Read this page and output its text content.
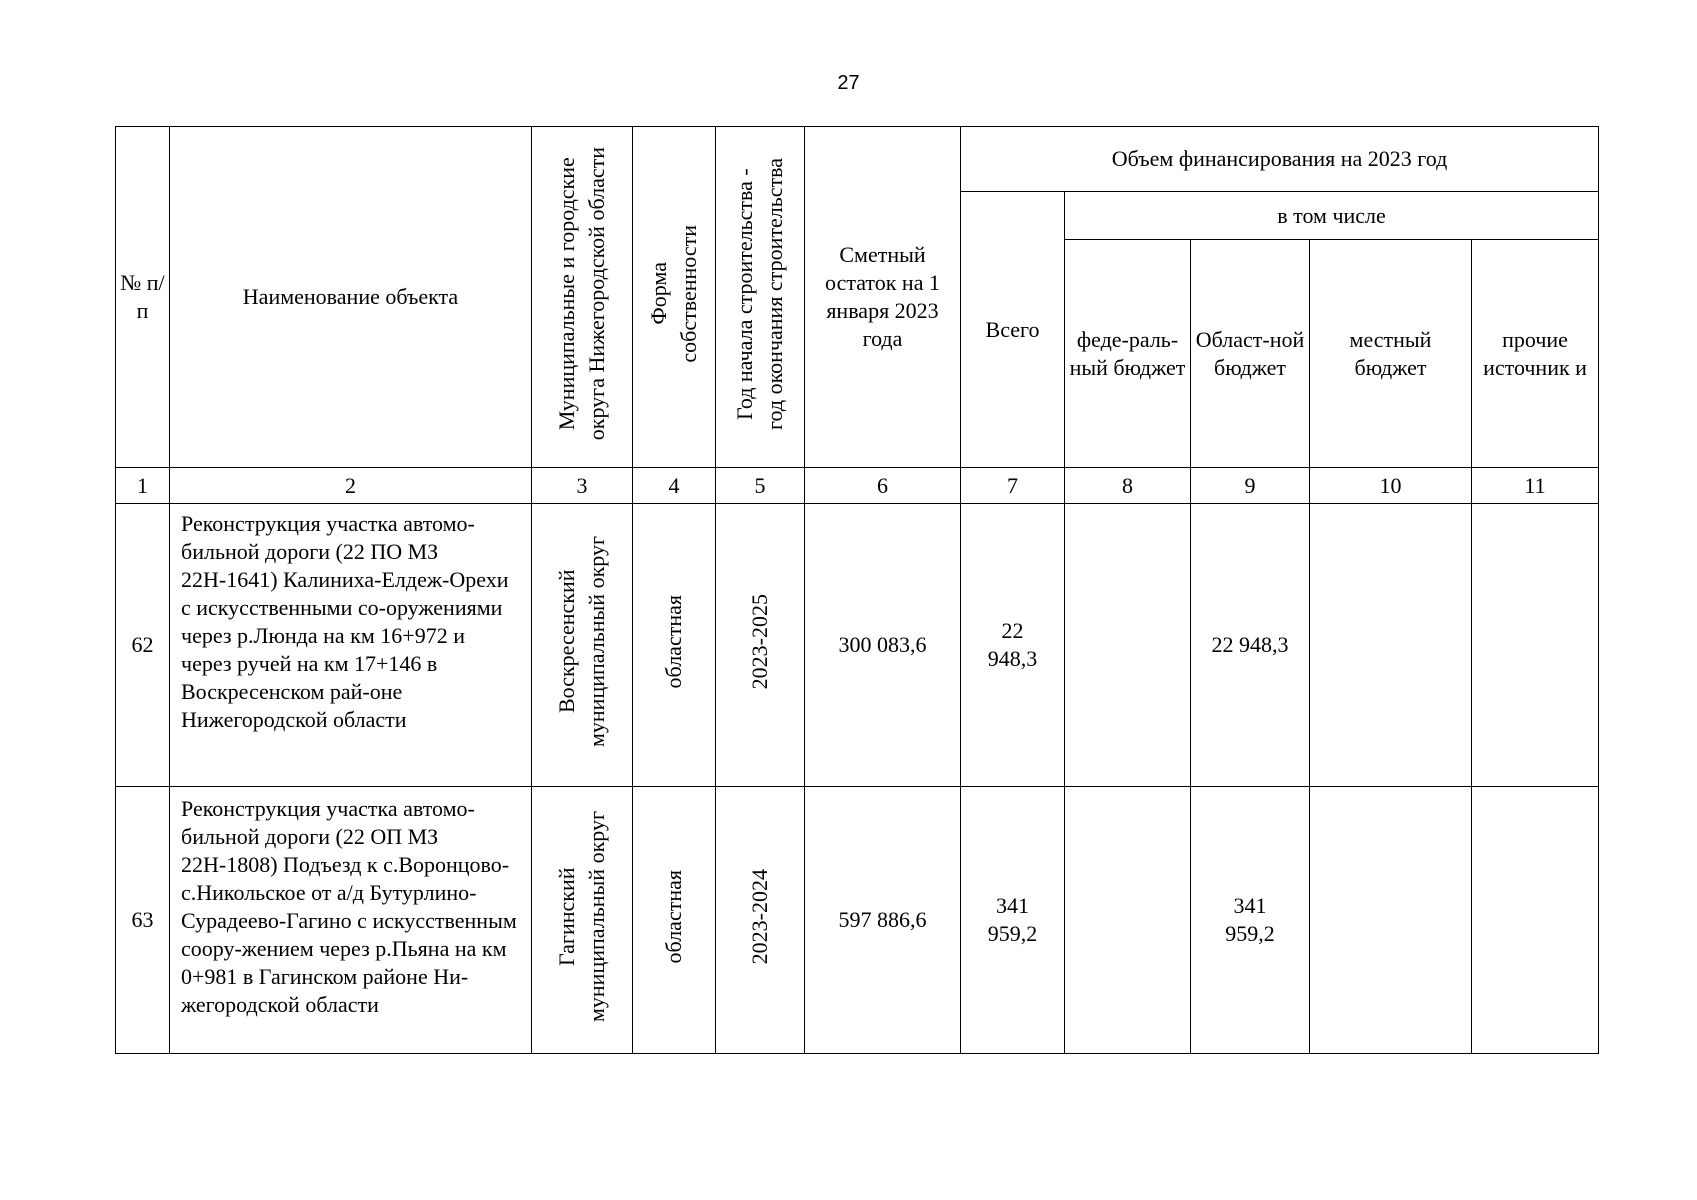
27
№ п/п	Наименование объекта	Муниципальные и городские округа Нижегородской области	Форма собственности	Год начала строительства - год окончания строительства	Сметный остаток на 1 января 2023 года	Объем финансирования на 2023 год				
						Всего	в том числе			
							феде-раль-ный бюджет	Област-ной бюджет	местный бюджет	прочие источник и
1	2	3	4	5	6	7	8	9	10	11
62	Реконструкция участка автомо-бильной дороги (22 ПО МЗ 22Н-1641) Калиниха-Елдеж-Орехи с искусственными со-оружениями через р.Люнда на км 16+972 и через ручей на км 17+146 в Воскресенском рай-оне Нижегородской области	Воскресенский муниципальный округ	областная	2023-2025	300 083,6	22 948,3		22 948,3		
63	Реконструкция участка автомо-бильной дороги (22 ОП МЗ 22Н-1808) Подъезд к с.Воронцово-с.Никольское от а/д Бутурлино-Сурадеево-Гагино с искусственным соору-жением через р.Пьяна на км 0+981 в Гагинском районе Ни-жегородской области	Гагинский муниципальный округ	областная	2023-2024	597 886,6	341 959,2		341 959,2		
